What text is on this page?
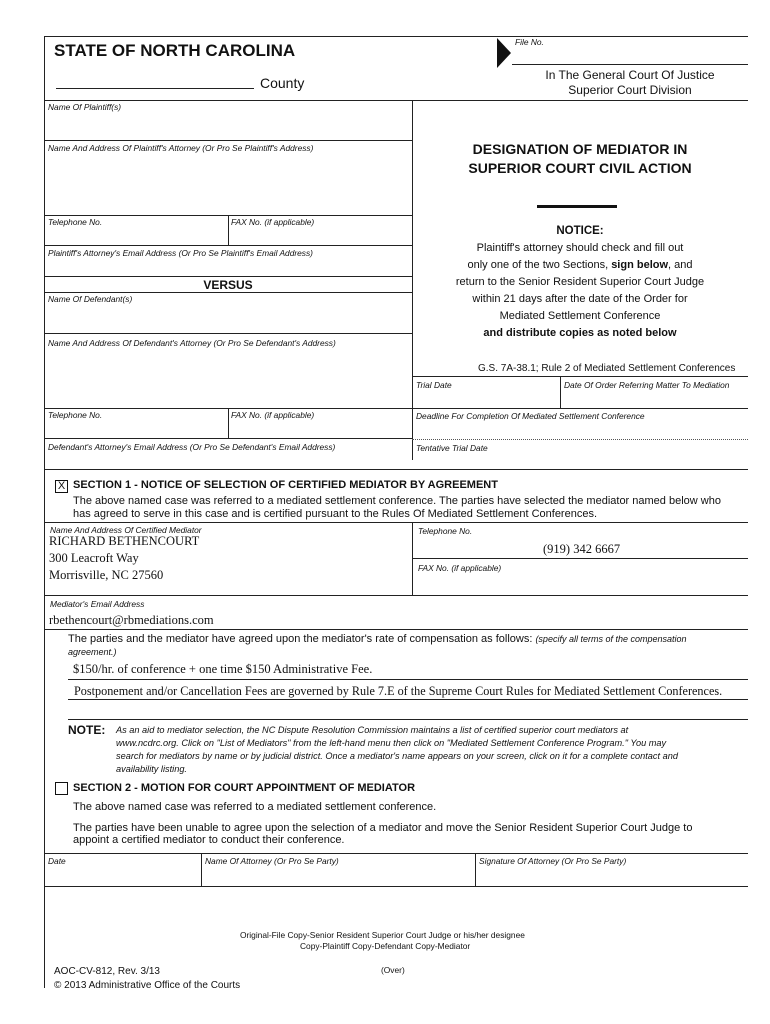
STATE OF NORTH CAROLINA
County
File No.
In The General Court Of Justice
Superior Court Division
Name Of Plaintiff(s)
Name And Address Of Plaintiff's Attorney (Or Pro Se Plaintiff's Address)
Telephone No.	FAX No. (if applicable)
Plaintiff's Attorney's Email Address (Or Pro Se Plaintiff's Email Address)
VERSUS
Name Of Defendant(s)
Name And Address Of Defendant's Attorney (Or Pro Se Defendant's Address)
Telephone No.	FAX No. (if applicable)
Defendant's Attorney's Email Address (Or Pro Se Defendant's Email Address)
DESIGNATION OF MEDIATOR IN
SUPERIOR COURT CIVIL ACTION
NOTICE:
Plaintiff's attorney should check and fill out
only one of the two Sections, sign below, and
return to the Senior Resident Superior Court Judge
within 21 days after the date of the Order for
Mediated Settlement Conference
and distribute copies as noted below
G.S. 7A-38.1; Rule 2 of Mediated Settlement Conferences
Trial Date	Date Of Order Referring Matter To Mediation
Deadline For Completion Of Mediated Settlement Conference
Tentative Trial Date
X SECTION 1 - NOTICE OF SELECTION OF CERTIFIED MEDIATOR BY AGREEMENT
The above named case was referred to a mediated settlement conference. The parties have selected the mediator named below who
has agreed to serve in this case and is certified pursuant to the Rules Of Mediated Settlement Conferences.
Name And Address Of Certified Mediator
RICHARD BETHENCOURT
300 Leacroft Way
Morrisville, NC 27560
Telephone No.
(919) 342 6667
FAX No. (if applicable)
Mediator's Email Address
rbethencourt@rbmediations.com
The parties and the mediator have agreed upon the mediator's rate of compensation as follows: (specify all terms of the compensation
agreement.)
$150/hr. of conference + one time $150 Administrative Fee.
Postponement and/or Cancellation Fees are governed by Rule 7.E of the Supreme Court Rules for Mediated Settlement Conferences.
NOTE: As an aid to mediator selection, the NC Dispute Resolution Commission maintains a list of certified superior court mediators at
www.ncdrc.org. Click on "List of Mediators" from the left-hand menu then click on "Mediated Settlement Conference Program." You may
search for mediators by name or by judicial district. Once a mediator's name appears on your screen, click on it for a complete contact and
availability listing.
SECTION 2 - MOTION FOR COURT APPOINTMENT OF MEDIATOR
The above named case was referred to a mediated settlement conference.
The parties have been unable to agree upon the selection of a mediator and move the Senior Resident Superior Court Judge to
appoint a certified mediator to conduct their conference.
Date	Name Of Attorney (Or Pro Se Party)	Signature Of Attorney (Or Pro Se Party)
Original-File Copy-Senior Resident Superior Court Judge or his/her designee
Copy-Plaintiff Copy-Defendant Copy-Mediator
AOC-CV-812, Rev. 3/13	(Over)
© 2013 Administrative Office of the Courts
